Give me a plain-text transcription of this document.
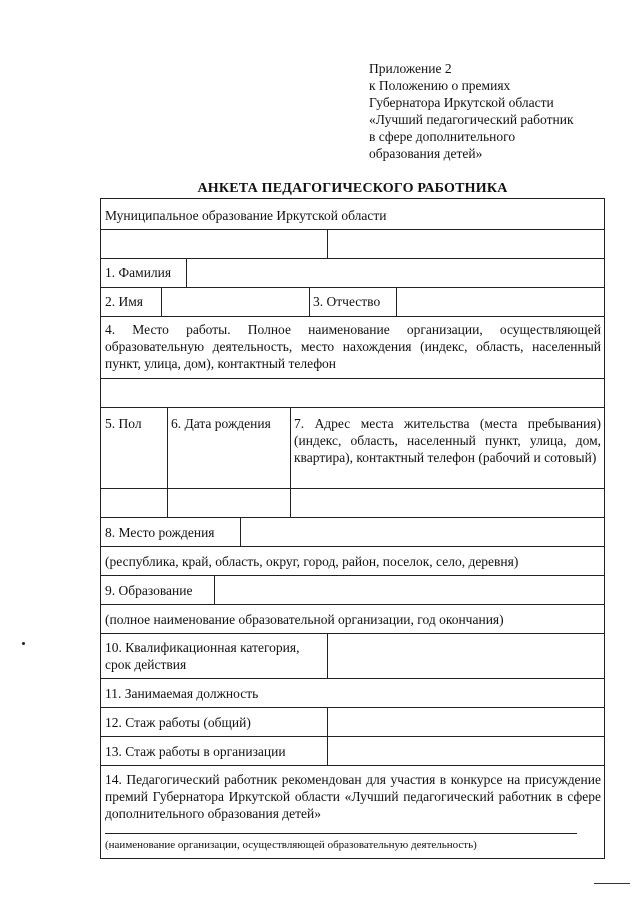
Приложение 2
к Положению о премиях
Губернатора Иркутской области
«Лучший педагогический работник
в сфере дополнительного
образования детей»
АНКЕТА ПЕДАГОГИЧЕСКОГО РАБОТНИКА
Муниципальное образование Иркутской области
1. Фамилия
2. Имя	3. Отчество
4. Место работы. Полное наименование организации, осуществляющей образовательную деятельность, место нахождения (индекс, область, населенный пункт, улица, дом), контактный телефон
5. Пол 6. Дата рождения 7. Адрес места жительства (места пребывания) (индекс, область, населенный пункт, улица, дом, квартира), контактный телефон (рабочий и сотовый)
8. Место рождения
(республика, край, область, округ, город, район, поселок, село, деревня)
9. Образование
(полное наименование образовательной организации, год окончания)
10. Квалификационная категория,
срок действия
11. Занимаемая должность
12. Стаж работы (общий)
13. Стаж работы в организации
14. Педагогический работник рекомендован для участия в конкурсе на присуждение премий Губернатора Иркутской области «Лучший педагогический работник в сфере дополнительного образования детей»
(наименование организации, осуществляющей образовательную деятельность)
